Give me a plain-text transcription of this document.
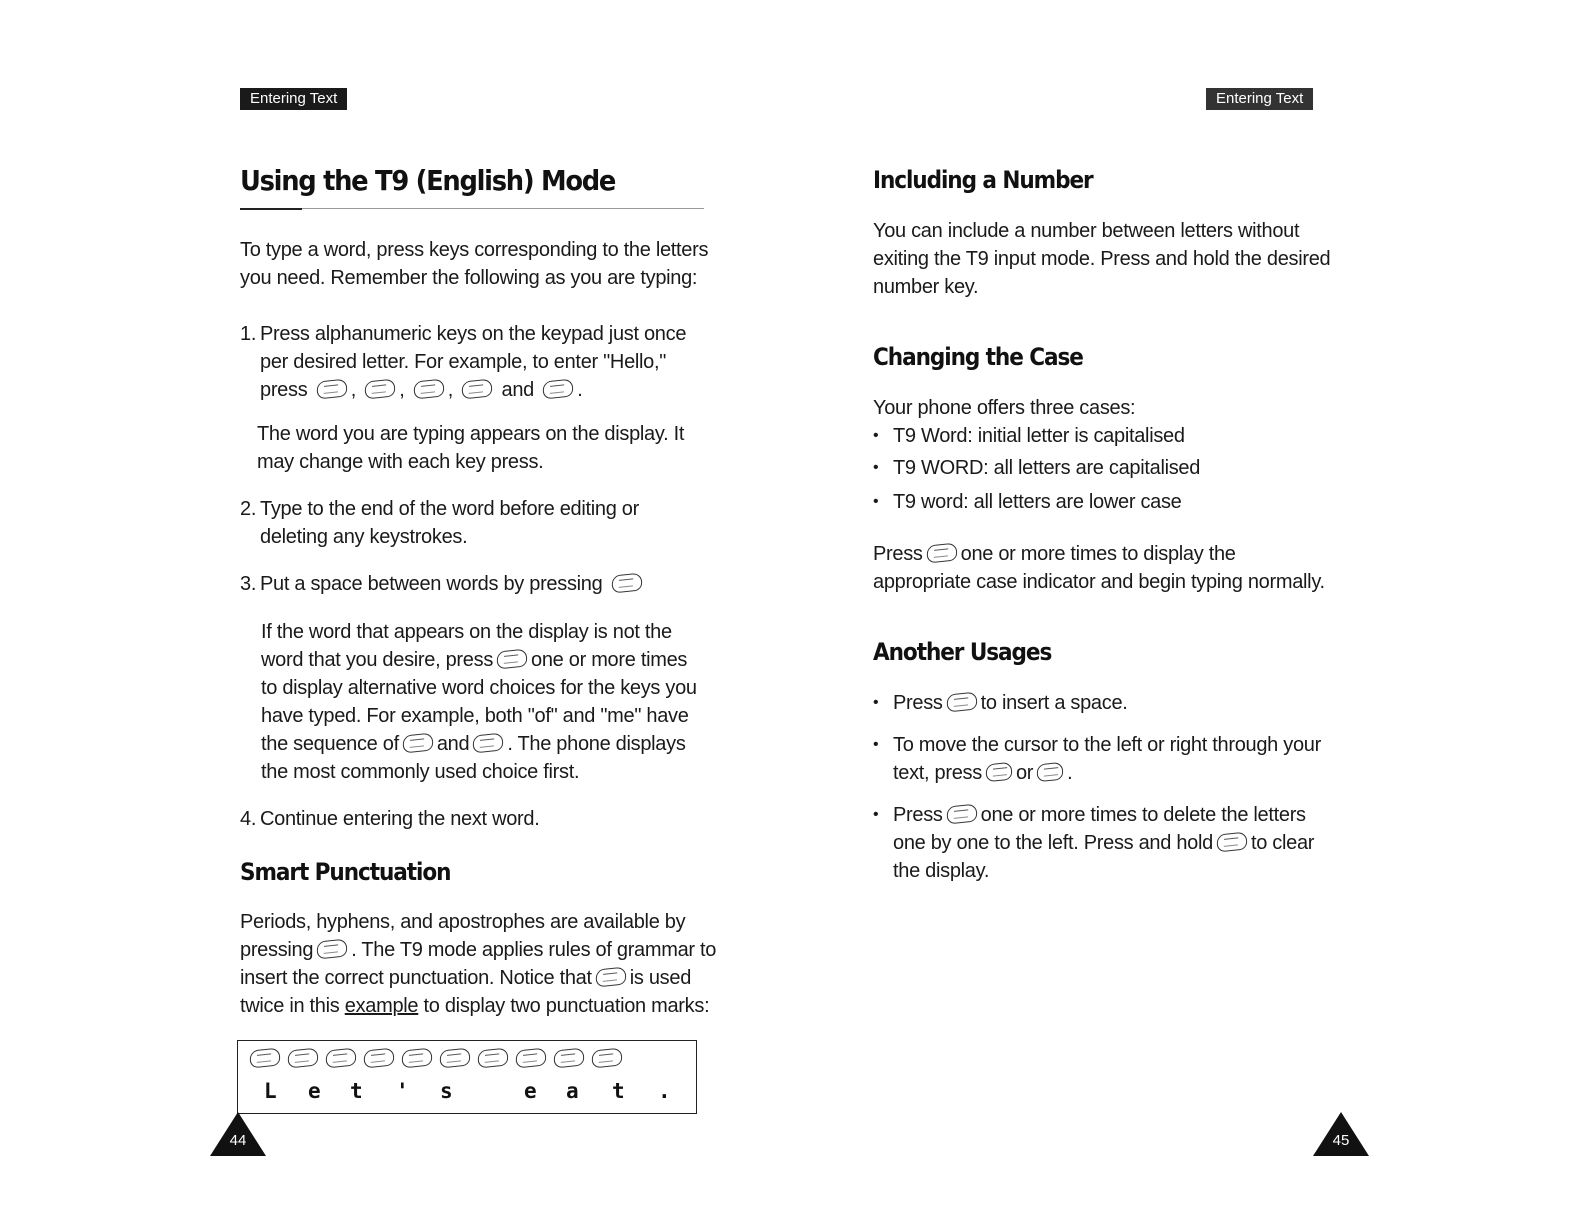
Entering Text	Entering Text
Using the T9 (English) Mode
To type a word, press keys corresponding to the letters
you need. Remember the following as you are typing:
1. Press alphanumeric keys on the keypad just once
per desired letter. For example, to enter "Hello,"
press , , ,  and .
The word you are typing appears on the display. It
may change with each key press.
2. Type to the end of the word before editing or
deleting any keystrokes.
3. Put a space between words by pressing
If the word that appears on the display is not the
word that you desire, press one or more times
to display alternative word choices for the keys you
have typed. For example, both "of" and "me" have
the sequence of and . The phone displays
the most commonly used choice first.
4. Continue entering the next word.
Smart Punctuation
Periods, hyphens, and apostrophes are available by
pressing . The T9 mode applies rules of grammar to
insert the correct punctuation. Notice that is used
twice in this example to display two punctuation marks:
L e t ' s	e a t .
44	45
Including a Number
You can include a number between letters without
exiting the T9 input mode. Press and hold the desired
number key.
Changing the Case
Your phone offers three cases:
• T9 Word: initial letter is capitalised
• T9 WORD: all letters are capitalised
• T9 word: all letters are lower case
Press one or more times to display the
appropriate case indicator and begin typing normally.
Another Usages
• Press to insert a space.
• To move the cursor to the left or right through your
text, press or .
• Press one or more times to delete the letters
one by one to the left. Press and hold to clear
the display.
